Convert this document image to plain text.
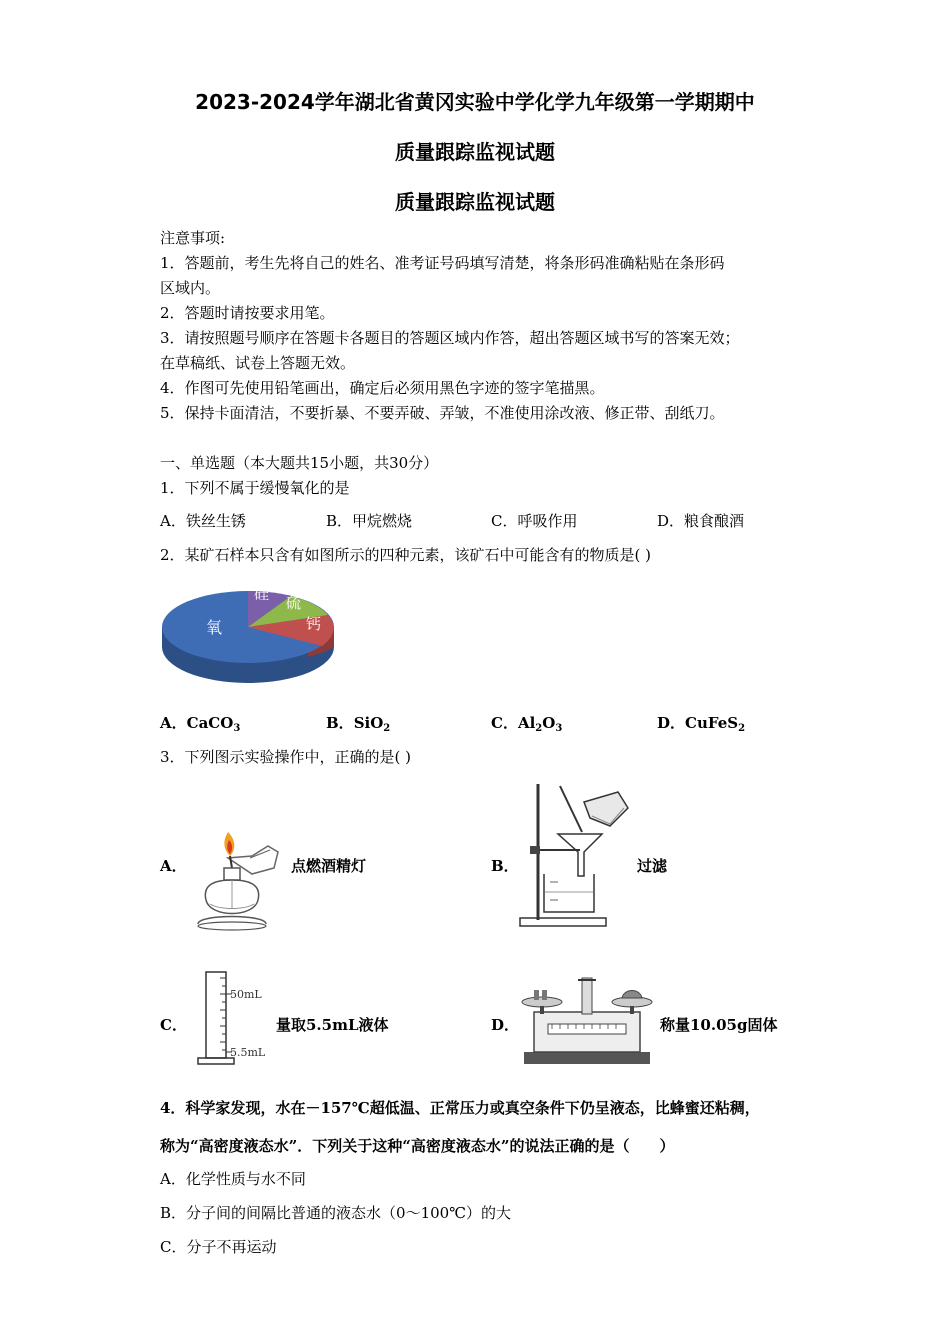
2023-2024学年湖北省黄冈实验中学化学九年级第一学期期中
质量跟踪监视试题
质量跟踪监视试题
注意事项:
1．答题前，考生先将自己的姓名、准考证号码填写清楚，将条形码准确粘贴在条形码
区域内。
2．答题时请按要求用笔。
3．请按照题号顺序在答题卡各题目的答题区域内作答，超出答题区域书写的答案无效；
在草稿纸、试卷上答题无效。
4．作图可先使用铅笔画出，确定后必须用黑色字迹的签字笔描黑。
5．保持卡面清洁，不要折暴、不要弄破、弄皱，不准使用涂改液、修正带、刮纸刀。
一、单选题（本大题共15小题，共30分）
1．下列不属于缓慢氧化的是
A．铁丝生锈	B．甲烷燃烧	C．呼吸作用	D．粮食酿酒
2．某矿石样本只含有如图所示的四种元素，该矿石中可能含有的物质是( )
硅 硫
钙
氧
A．CaCO$_3$	B．SiO$_2$	C．$Al_2O_3$	D．CuFeS$_2$
3．下列图示实验操作中，正确的是( )
A．	点燃酒精灯	B．	过滤
C．
50mL
5.5mL
量取5.5mL液体	D．	称量10.05g固体
4．科学家发现，水在－157℃超低温、正常压力或真空条件下仍呈液态，比蜂蜜还粘稠，
称为“高密度液态水”．下列关于这种“高密度液态水”的说法正确的是（　　）
A．化学性质与水不同
B．分子间的间隔比普通的液态水（0～100℃）的大
C．分子不再运动
